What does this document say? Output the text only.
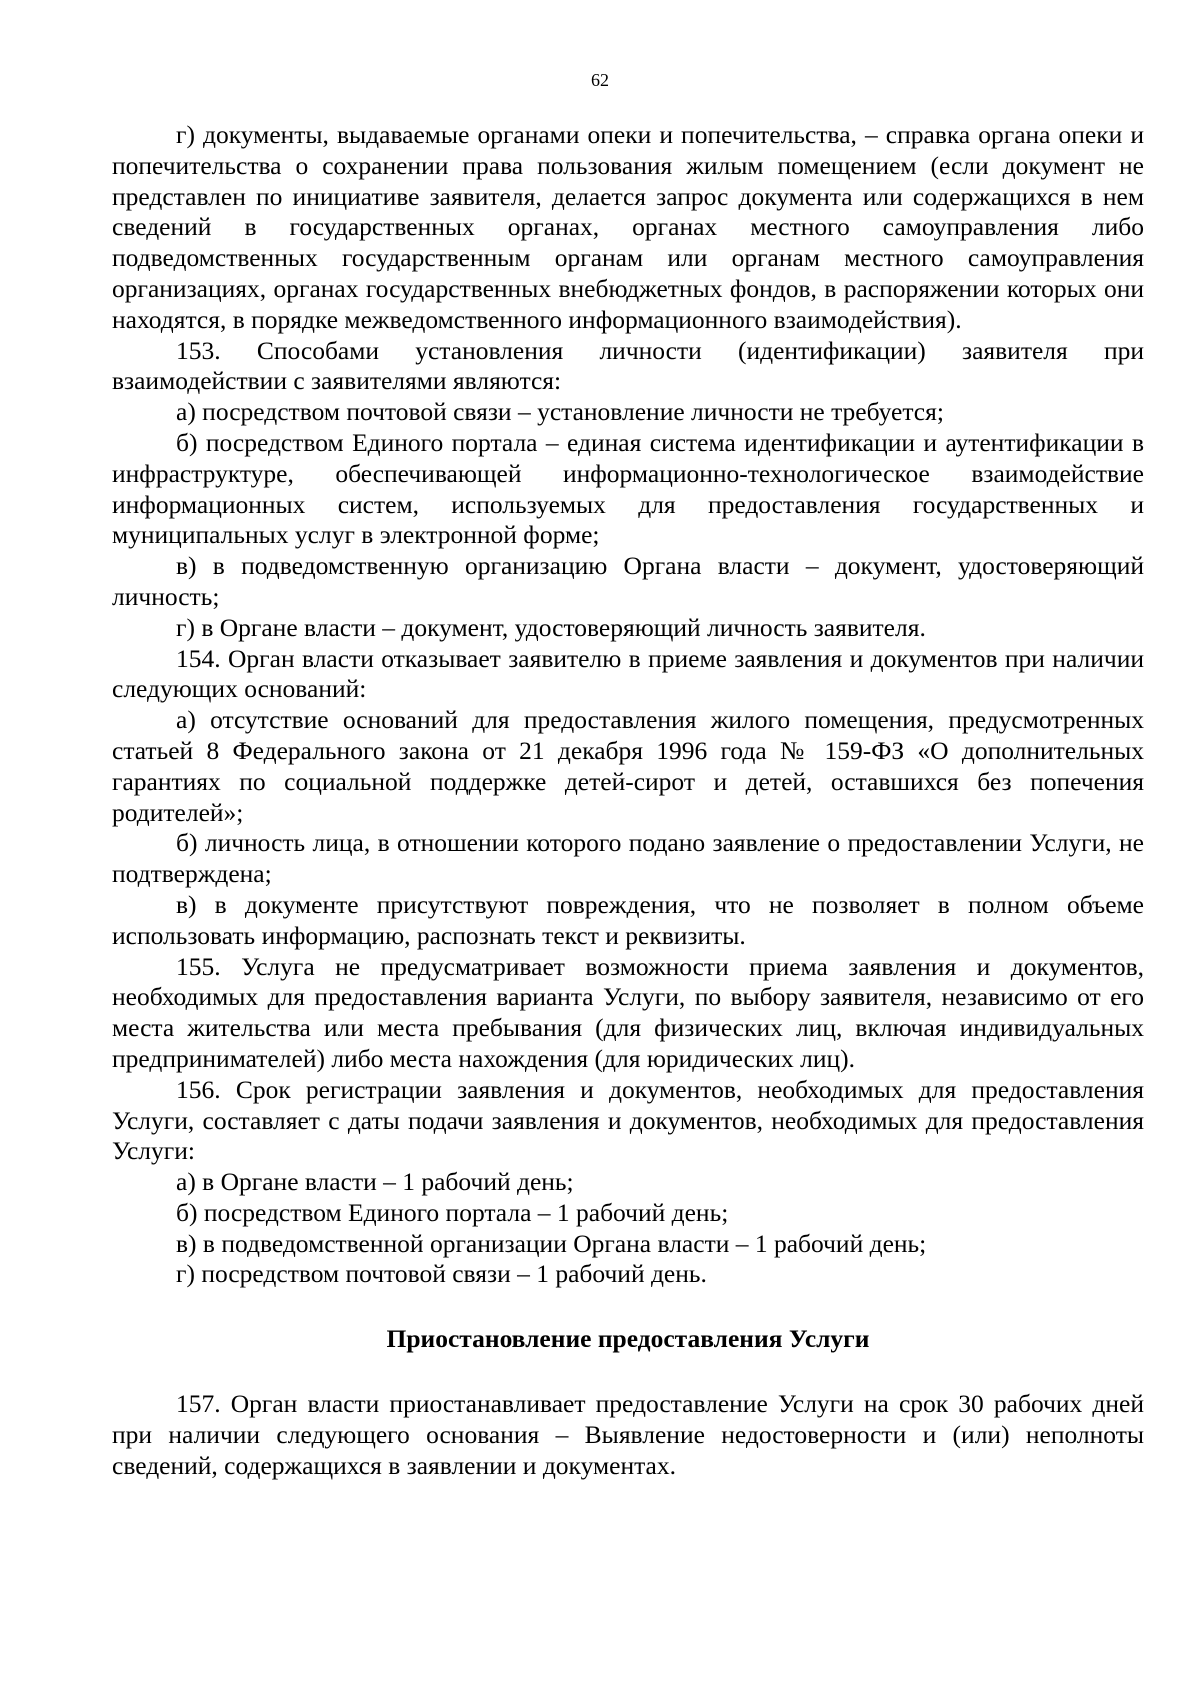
62

г) документы, выдаваемые органами опеки и попечительства, – справка органа опеки и попечительства о сохранении права пользования жилым помещением (если документ не представлен по инициативе заявителя, делается запрос документа или содержащихся в нем сведений в государственных органах, органах местного самоуправления либо подведомственных государственным органам или органам местного самоуправления организациях, органах государственных внебюджетных фондов, в распоряжении которых они находятся, в порядке межведомственного информационного взаимодействия).

153. Способами установления личности (идентификации) заявителя при взаимодействии с заявителями являются:

а) посредством почтовой связи – установление личности не требуется;

б) посредством Единого портала – единая система идентификации и аутентификации в инфраструктуре, обеспечивающей информационно-технологическое взаимодействие информационных систем, используемых для предоставления государственных и муниципальных услуг в электронной форме;

в) в подведомственную организацию Органа власти – документ, удостоверяющий личность;

г) в Органе власти – документ, удостоверяющий личность заявителя.

154. Орган власти отказывает заявителю в приеме заявления и документов при наличии следующих оснований:

а) отсутствие оснований для предоставления жилого помещения, предусмотренных статьей 8 Федерального закона от 21 декабря 1996 года № 159-ФЗ «О дополнительных гарантиях по социальной поддержке детей-сирот и детей, оставшихся без попечения родителей»;

б) личность лица, в отношении которого подано заявление о предоставлении Услуги, не подтверждена;

в) в документе присутствуют повреждения, что не позволяет в полном объеме использовать информацию, распознать текст и реквизиты.

155. Услуга не предусматривает возможности приема заявления и документов, необходимых для предоставления варианта Услуги, по выбору заявителя, независимо от его места жительства или места пребывания (для физических лиц, включая индивидуальных предпринимателей) либо места нахождения (для юридических лиц).

156. Срок регистрации заявления и документов, необходимых для предоставления Услуги, составляет с даты подачи заявления и документов, необходимых для предоставления Услуги:

а) в Органе власти – 1 рабочий день;

б) посредством Единого портала – 1 рабочий день;

в) в подведомственной организации Органа власти – 1 рабочий день;

г) посредством почтовой связи – 1 рабочий день.

Приостановление предоставления Услуги

157. Орган власти приостанавливает предоставление Услуги на срок 30 рабочих дней при наличии следующего основания – Выявление недостоверности и (или) неполноты сведений, содержащихся в заявлении и документах.
